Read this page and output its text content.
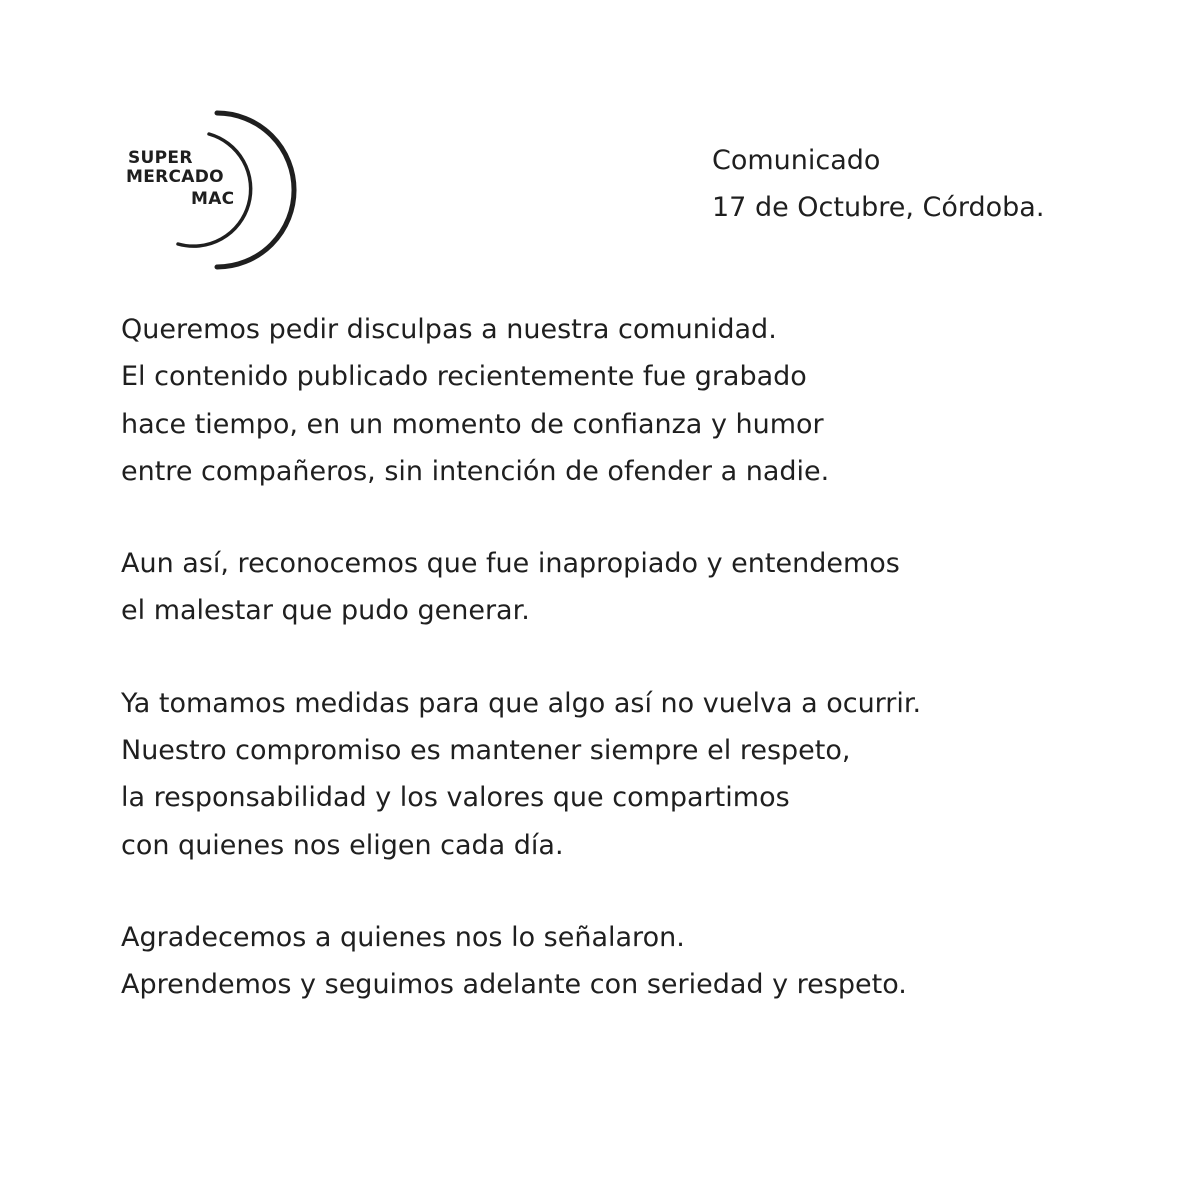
SUPER
MERCADO
MAC
Comunicado
17 de Octubre, Córdoba.

Queremos pedir disculpas a nuestra comunidad.
El contenido publicado recientemente fue grabado
hace tiempo, en un momento de confianza y humor
entre compañeros, sin intención de ofender a nadie.

Aun así, reconocemos que fue inapropiado y entendemos
el malestar que pudo generar.

Ya tomamos medidas para que algo así no vuelva a ocurrir.
Nuestro compromiso es mantener siempre el respeto,
la responsabilidad y los valores que compartimos
con quienes nos eligen cada día.

Agradecemos a quienes nos lo señalaron.
Aprendemos y seguimos adelante con seriedad y respeto.
